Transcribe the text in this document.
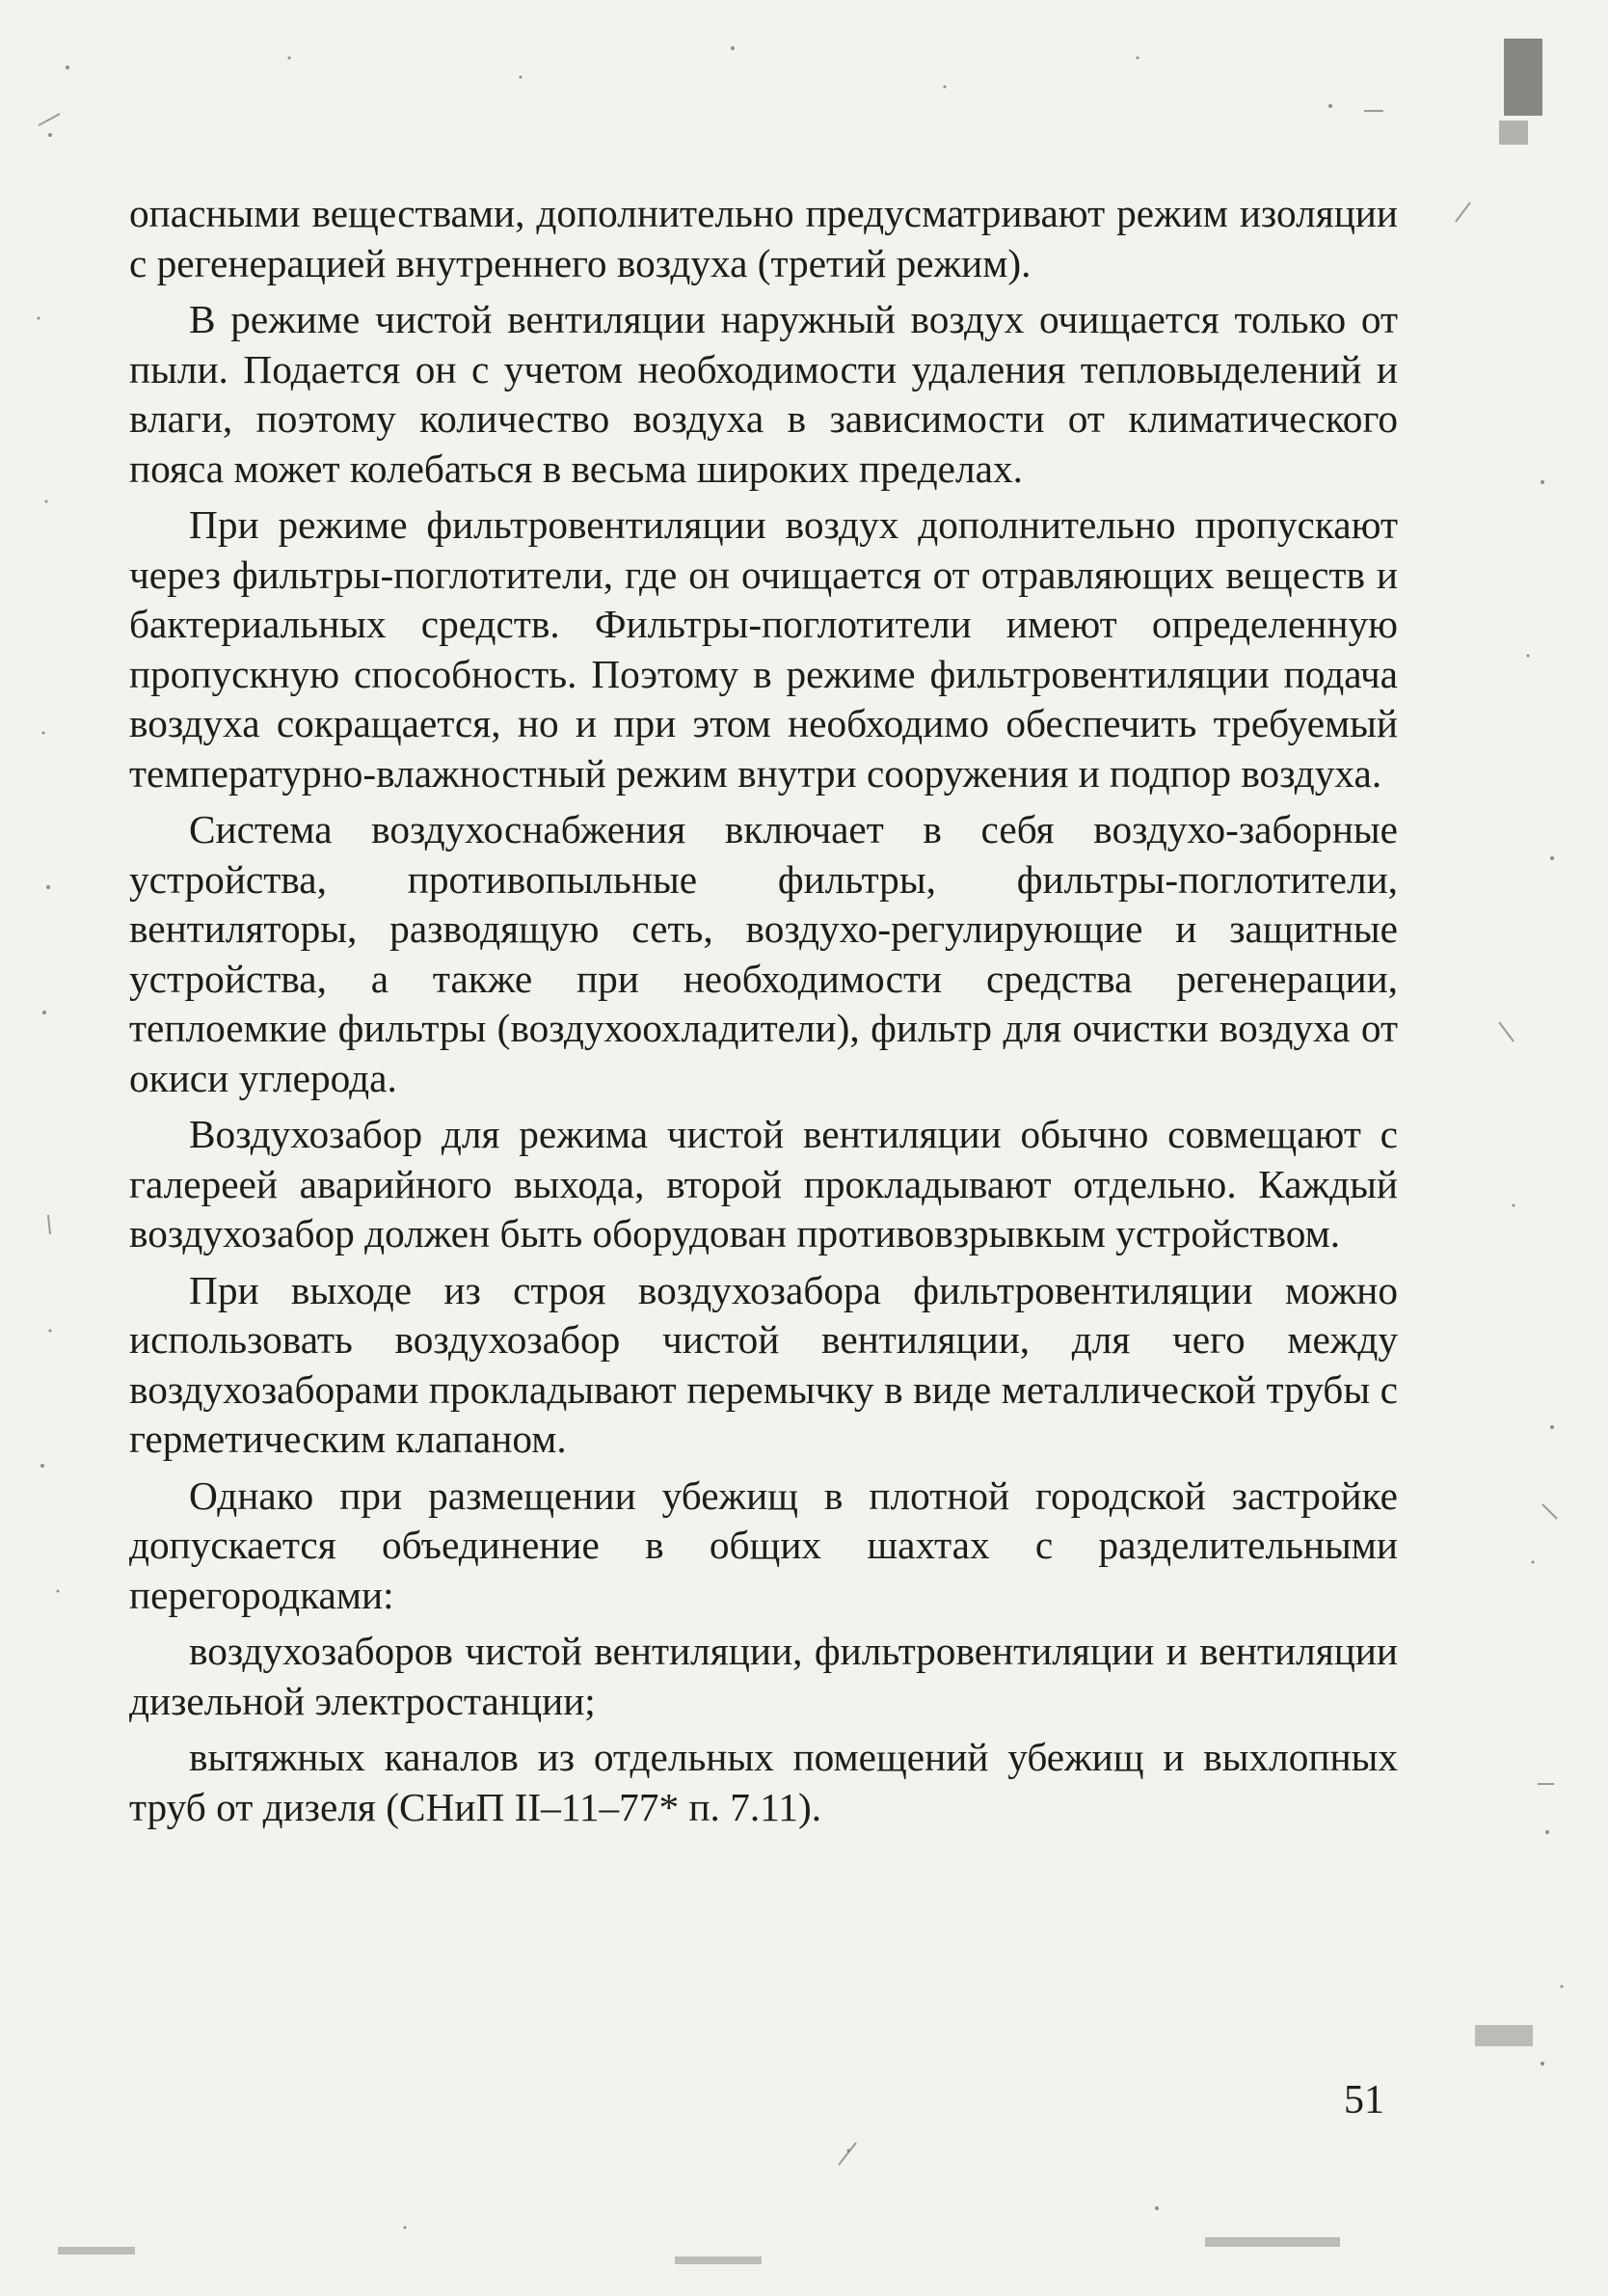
опасными веществами, дополнительно предусматривают режим изоляции с регенерацией внутреннего воздуха (третий режим).

В режиме чистой вентиляции наружный воздух очищается только от пыли. Подается он с учетом необходимости удаления тепловыделений и влаги, поэтому количество воздуха в зависимости от климатического пояса может колебаться в весьма широких пределах.

При режиме фильтровентиляции воздух дополнительно пропускают через фильтры-поглотители, где он очищается от отравляющих веществ и бактериальных средств. Фильтры-поглотители имеют определенную пропускную способность. Поэтому в режиме фильтровентиляции подача воздуха сокращается, но и при этом необходимо обеспечить требуемый температурно-влажностный режим внутри сооружения и подпор воздуха.

Система воздухоснабжения включает в себя воздухо-заборные устройства, противопыльные фильтры, фильтры-поглотители, вентиляторы, разводящую сеть, воздухо-регулирующие и защитные устройства, а также при необходимости средства регенерации, теплоемкие фильтры (воздухоохладители), фильтр для очистки воздуха от окиси углерода.

Воздухозабор для режима чистой вентиляции обычно совмещают с галереей аварийного выхода, второй прокладывают отдельно. Каждый воздухозабор должен быть оборудован противовзрывкым устройством.

При выходе из строя воздухозабора фильтровентиляции можно использовать воздухозабор чистой вентиляции, для чего между воздухозаборами прокладывают перемычку в виде металлической трубы с герметическим клапаном.

Однако при размещении убежищ в плотной городской застройке допускается объединение в общих шахтах с разделительными перегородками:

воздухозаборов чистой вентиляции, фильтровентиляции и вентиляции дизельной электростанции;

вытяжных каналов из отдельных помещений убежищ и выхлопных труб от дизеля (СНиП II–11–77* п. 7.11).

51
